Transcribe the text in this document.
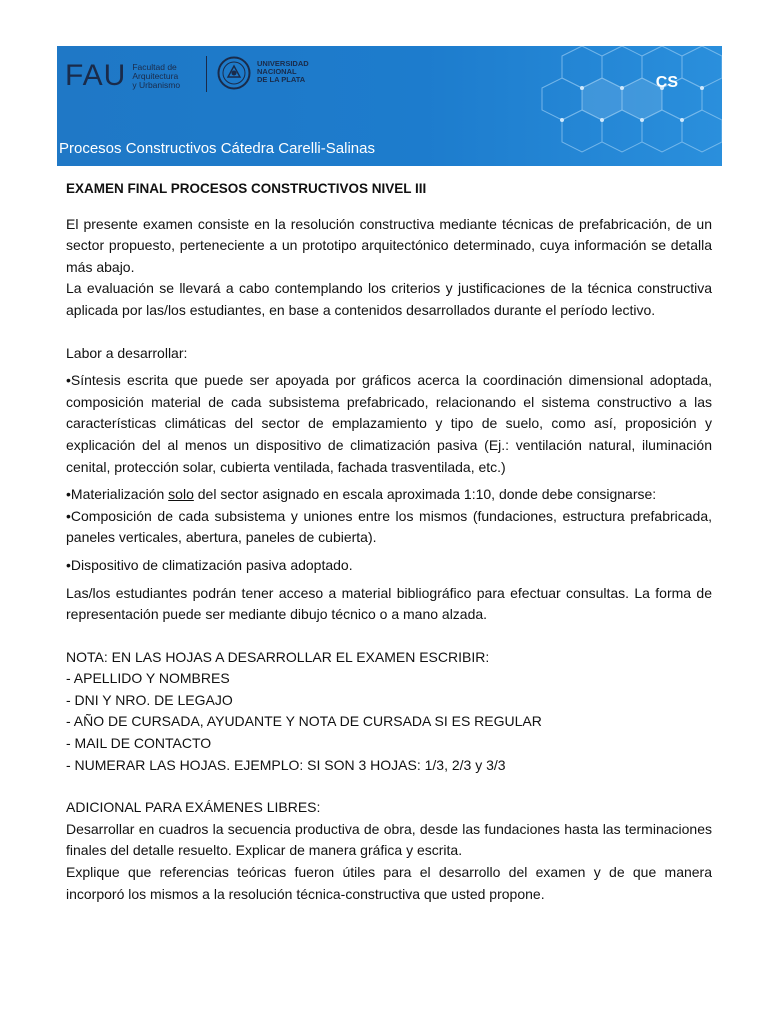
FAU Facultad de
Arquitectura
y Urbanismo
UNIVERSIDAD
NACIONAL
DE LA PLATA	CS
Procesos Constructivos Cátedra Carelli-Salinas
EXAMEN FINAL PROCESOS CONSTRUCTIVOS NIVEL III

El presente examen consiste en la resolución constructiva mediante técnicas de prefabricación, de un sector propuesto, perteneciente a un prototipo arquitectónico determinado, cuya información se detalla más abajo.

La evaluación se llevará a cabo contemplando los criterios y justificaciones de la técnica constructiva aplicada por las/los estudiantes, en base a contenidos desarrollados durante el período lectivo.

Labor a desarrollar:

•Síntesis escrita que puede ser apoyada por gráficos acerca la coordinación dimensional adoptada, composición material de cada subsistema prefabricado, relacionando el sistema constructivo a las características climáticas del sector de emplazamiento y tipo de suelo, como así, proposición y explicación del al menos un dispositivo de climatización pasiva (Ej.: ventilación natural, iluminación cenital, protección solar, cubierta ventilada, fachada trasventilada, etc.)

•Materialización solo del sector asignado en escala aproximada 1:10, donde debe consignarse:

•Composición de cada subsistema y uniones entre los mismos (fundaciones, estructura prefabricada, paneles verticales, abertura, paneles de cubierta).

•Dispositivo de climatización pasiva adoptado.

Las/los estudiantes podrán tener acceso a material bibliográfico para efectuar consultas. La forma de representación puede ser mediante dibujo técnico o a mano alzada.

NOTA: EN LAS HOJAS A DESARROLLAR EL EXAMEN ESCRIBIR:

- APELLIDO Y NOMBRES
- DNI Y NRO. DE LEGAJO
- AÑO DE CURSADA, AYUDANTE Y NOTA DE CURSADA SI ES REGULAR
- MAIL DE CONTACTO
- NUMERAR LAS HOJAS. EJEMPLO: SI SON 3 HOJAS: 1/3, 2/3 y 3/3

ADICIONAL PARA EXÁMENES LIBRES:

Desarrollar en cuadros la secuencia productiva de obra, desde las fundaciones hasta las terminaciones finales del detalle resuelto. Explicar de manera gráfica y escrita.

Explique que referencias teóricas fueron útiles para el desarrollo del examen y de que manera incorporó los mismos a la resolución técnica-constructiva que usted propone.
